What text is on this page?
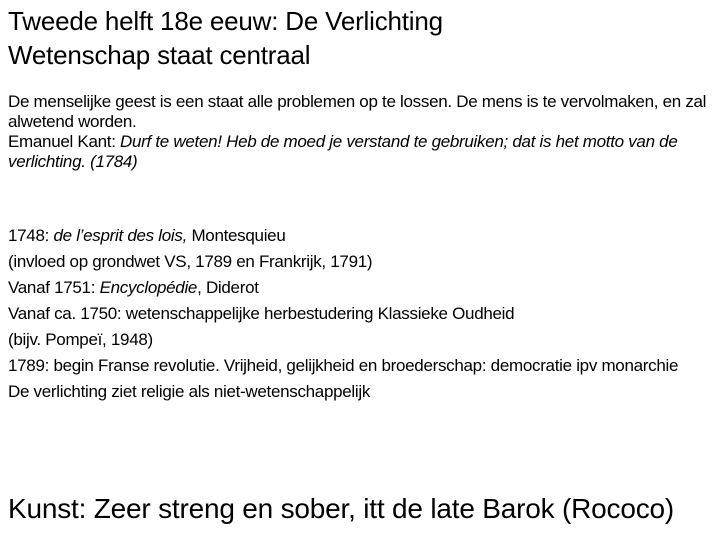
Tweede helft 18e eeuw: De Verlichting
Wetenschap staat centraal

De menselijke geest is een staat alle problemen op te lossen. De mens is te vervolmaken, en zal alwetend worden.

Emanuel Kant: Durf te weten! Heb de moed je verstand te gebruiken; dat is het motto van de verlichting. (1784)

1748: de l’esprit des lois, Montesquieu

(invloed op grondwet VS, 1789 en Frankrijk, 1791)

Vanaf 1751: Encyclopédie, Diderot

Vanaf ca. 1750: wetenschappelijke herbestudering Klassieke Oudheid

(bijv. Pompeï, 1948)

1789: begin Franse revolutie. Vrijheid, gelijkheid en broederschap: democratie ipv monarchie

De verlichting ziet religie als niet-wetenschappelijk

Kunst: Zeer streng en sober, itt de late Barok (Rococo)
